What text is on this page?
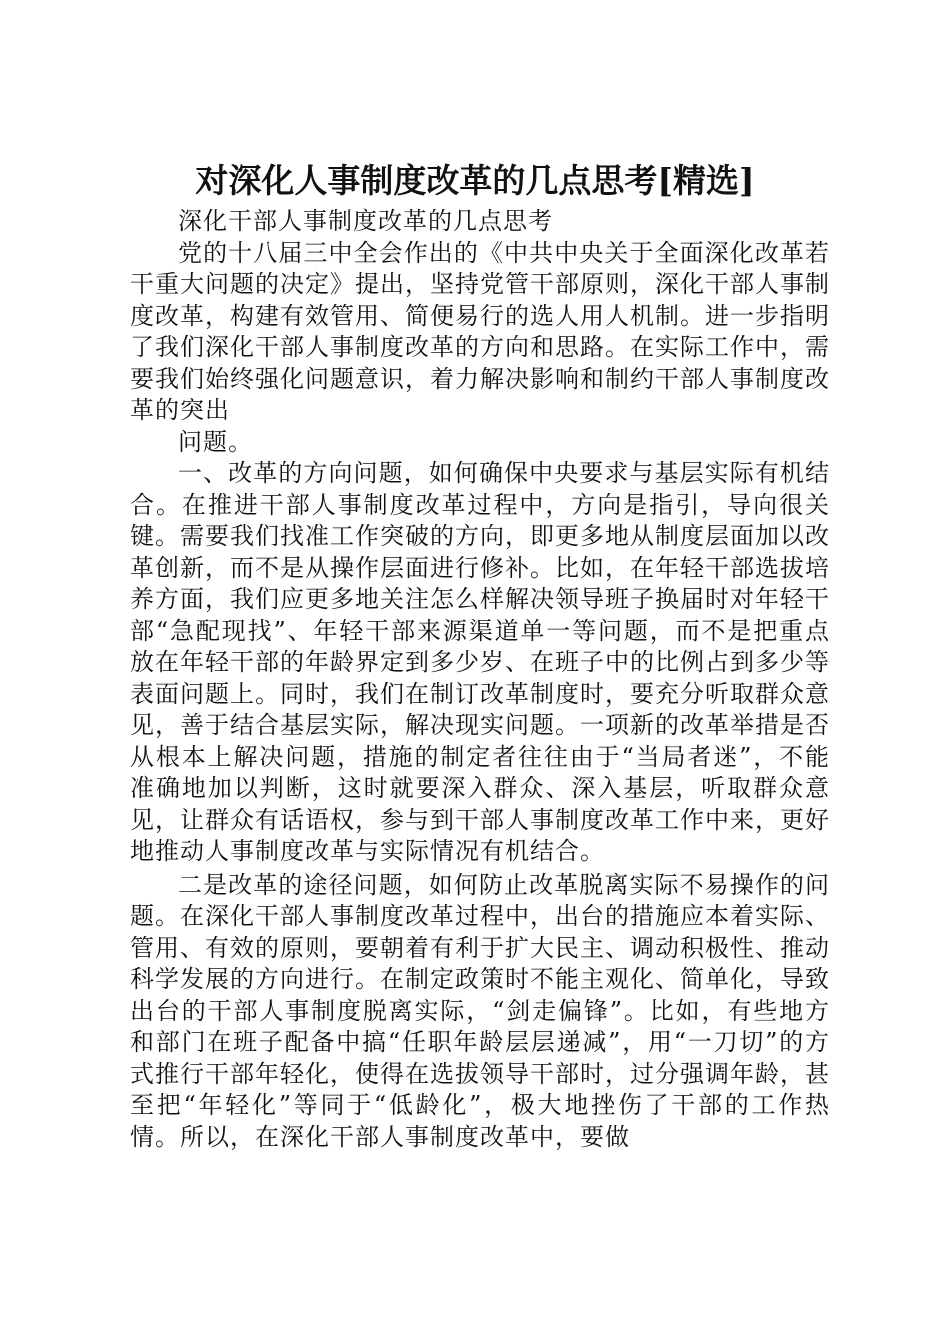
对深化人事制度改革的几点思考[精选]

深化干部人事制度改革的几点思考

党的十八届三中全会作出的《中共中央关于全面深化改革若干重大问题的决定》提出，坚持党管干部原则，深化干部人事制度改革，构建有效管用、简便易行的选人用人机制。进一步指明了我们深化干部人事制度改革的方向和思路。在实际工作中，需要我们始终强化问题意识，着力解决影响和制约干部人事制度改革的突出

问题。

一、改革的方向问题，如何确保中央要求与基层实际有机结合。在推进干部人事制度改革过程中，方向是指引，导向很关键。需要我们找准工作突破的方向，即更多地从制度层面加以改革创新，而不是从操作层面进行修补。比如，在年轻干部选拔培养方面，我们应更多地关注怎么样解决领导班子换届时对年轻干部“急配现找”、年轻干部来源渠道单一等问题，而不是把重点放在年轻干部的年龄界定到多少岁、在班子中的比例占到多少等表面问题上。同时，我们在制订改革制度时，要充分听取群众意见，善于结合基层实际，解决现实问题。一项新的改革举措是否从根本上解决问题，措施的制定者往往由于“当局者迷”，不能准确地加以判断，这时就要深入群众、深入基层，听取群众意见，让群众有话语权，参与到干部人事制度改革工作中来，更好地推动人事制度改革与实际情况有机结合。

二是改革的途径问题，如何防止改革脱离实际不易操作的问题。在深化干部人事制度改革过程中，出台的措施应本着实际、管用、有效的原则，要朝着有利于扩大民主、调动积极性、推动科学发展的方向进行。在制定政策时不能主观化、简单化，导致出台的干部人事制度脱离实际，“剑走偏锋”。比如，有些地方和部门在班子配备中搞“任职年龄层层递减”，用“一刀切”的方式推行干部年轻化，使得在选拔领导干部时，过分强调年龄，甚至把“年轻化”等同于“低龄化”，极大地挫伤了干部的工作热情。所以，在深化干部人事制度改革中，要做
